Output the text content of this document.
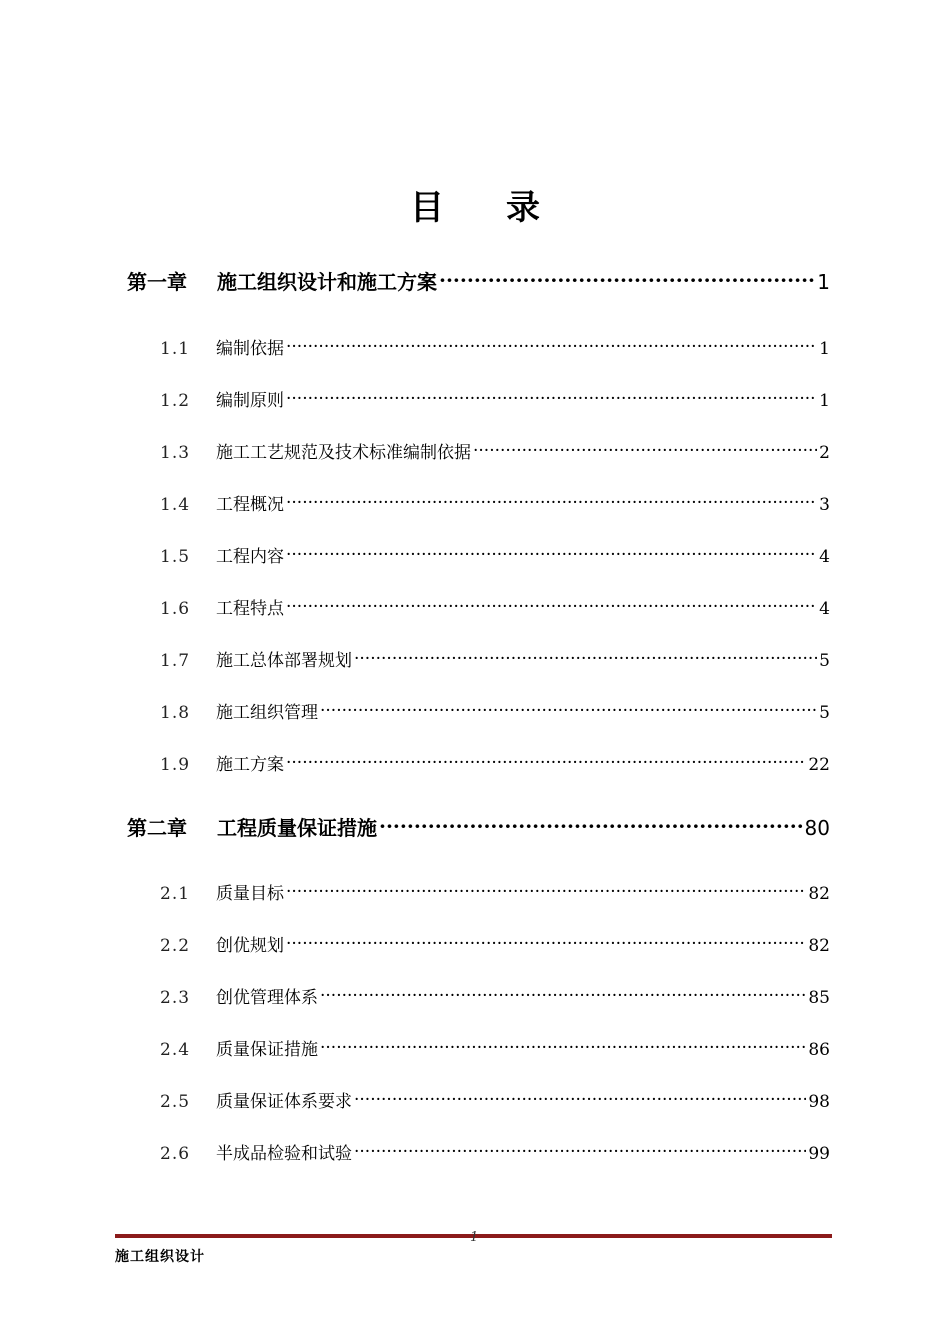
目 录
第一章	施工组织设计和施工方案 ·····	1
1.1	编制依据 ·····	1
1.2	编制原则 ·····	1
1.3	施工工艺规范及技术标准编制依据 ·····	2
1.4	工程概况 ·····	3
1.5	工程内容 ·····	4
1.6	工程特点 ·····	4
1.7	施工总体部署规划 ·····	5
1.8	施工组织管理 ·····	5
1.9	施工方案 ·····	22
第二章	工程质量保证措施 ·····	80
2.1	质量目标 ·····	82
2.2	创优规划 ·····	82
2.3	创优管理体系 ·····	85
2.4	质量保证措施 ·····	86
2.5	质量保证体系要求 ·····	98
2.6	半成品检验和试验 ·····	99
1
施工组织设计
